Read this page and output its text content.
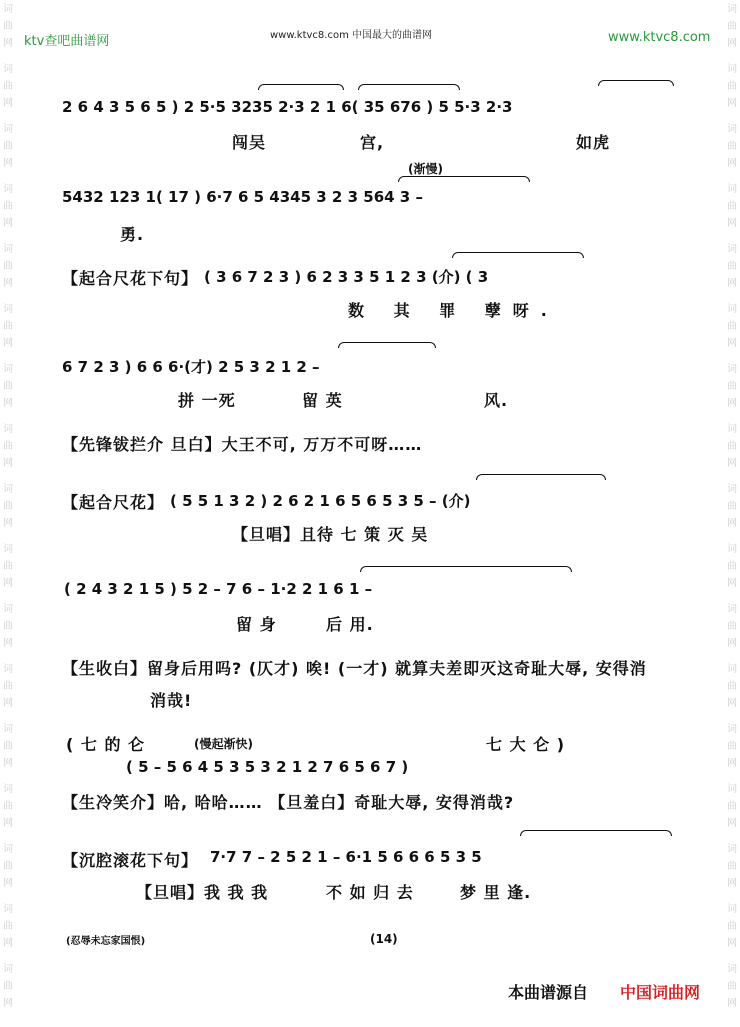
词
曲
网
词
曲
网
词
曲
网
词
曲
网
词
曲
网
词
曲
网
词
曲
网
词
曲
网
词
曲
网
词
曲
网
词
曲
网
词
曲
网
词
曲
网
词
曲
网
词
曲
网
词
曲
网
词
曲
网
词
曲
网
词
曲
网
词
曲
网
词
曲
网
词
曲
网
词
曲
网
词
曲
网
词
曲
网
词
曲
网
词
曲
网
词
曲
网
词
曲
网
词
曲
网
词
曲
网
词
曲
网
词
曲
网
词
曲
网
ktv查吧曲谱网	www.ktvc8.com 中国最大的曲谱网	www.ktvc8.com
2 6 4 3 5 6 5 ) 2 5·5 3235 2·3 2 1 6( 35 676 ) 5 5·3 2·3
闯吴	宫,	如虎
(渐慢)
5432 123 1( 17 ) 6·7 6 5 4345 3 2 3 564 3 –
勇.
【起合尺花下句】 ( 3 6 7 2 3 ) 6 2 3 3 5 1 2 3 (介) ( 3
数 其 罪 孽呀.
6 7 2 3 ) 6 6 6·(才) 2 5 3 2 1 2 –
拼 一死	留 英	风.
【先锋钹拦介 旦白】大王不可, 万万不可呀……
【起合尺花】 ( 5 5 1 3 2 ) 2 6 2 1 6 5 6 5 3 5 – (介)
【旦唱】且待 七 策 灭 吴
( 2 4 3 2 1 5 ) 5 2 – 7 6 – 1·2 2 1 6 1 –
留 身	后 用.
【生收白】留身后用吗? (仄才) 唉! (一才) 就算夫差即灭这奇耻大辱, 安得消
消哉!
( 七 的 仑	(慢起渐快)	七 大 仑 )
( 5 – 5 6 4 5 3 5 3 2 1 2 7 6 5 6 7 )
【生冷笑介】哈, 哈哈…… 【旦羞白】奇耻大辱, 安得消哉?
【沉腔滚花下句】 7·7 7 – 2 5 2 1 – 6·1 5 6 6 6 5 3 5
【旦唱】我 我 我	不 如 归 去	梦 里 逢.
(忍辱未忘家国恨)	(14)
本曲谱源自 中国词曲网
